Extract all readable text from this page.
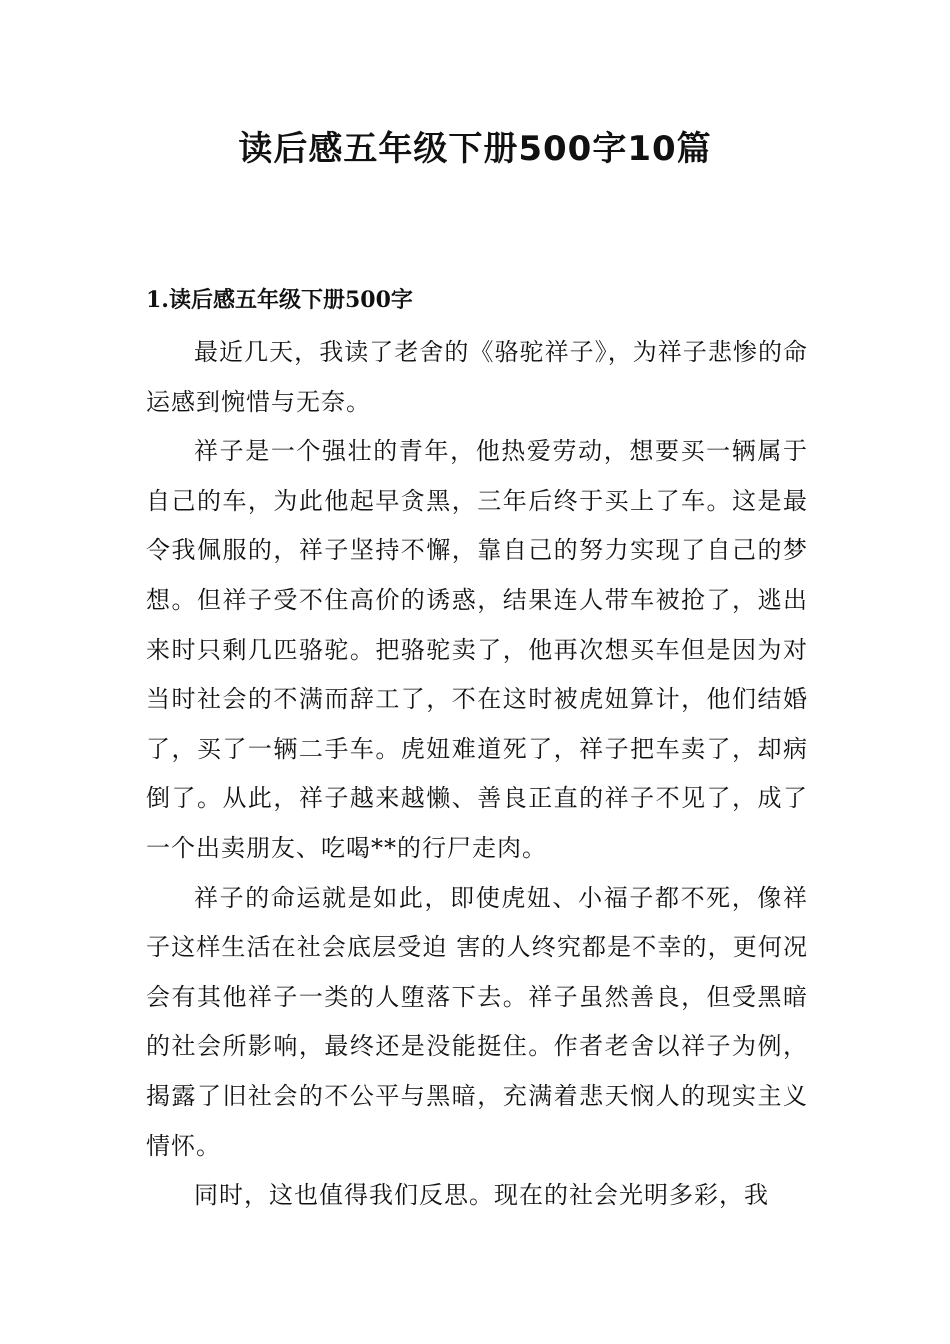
读后感五年级下册500字10篇
1.读后感五年级下册500字

最近几天，我读了老舍的《骆驼祥子》，为祥子悲惨的命运感到惋惜与无奈。

祥子是一个强壮的青年，他热爱劳动，想要买一辆属于自己的车，为此他起早贪黑，三年后终于买上了车。这是最令我佩服的，祥子坚持不懈，靠自己的努力实现了自己的梦想。但祥子受不住高价的诱惑，结果连人带车被抢了，逃出来时只剩几匹骆驼。把骆驼卖了，他再次想买车但是因为对当时社会的不满而辞工了，不在这时被虎妞算计，他们结婚了，买了一辆二手车。虎妞难道死了，祥子把车卖了，却病倒了。从此，祥子越来越懒、善良正直的祥子不见了，成了一个出卖朋友、吃喝**的行尸走肉。

祥子的命运就是如此，即使虎妞、小福子都不死，像祥子这样生活在社会底层受迫 害的人终究都是不幸的，更何况会有其他祥子一类的人堕落下去。祥子虽然善良，但受黑暗的社会所影响，最终还是没能挺住。作者老舍以祥子为例，揭露了旧社会的不公平与黑暗，充满着悲天悯人的现实主义情怀。

同时，这也值得我们反思。现在的社会光明多彩，我
